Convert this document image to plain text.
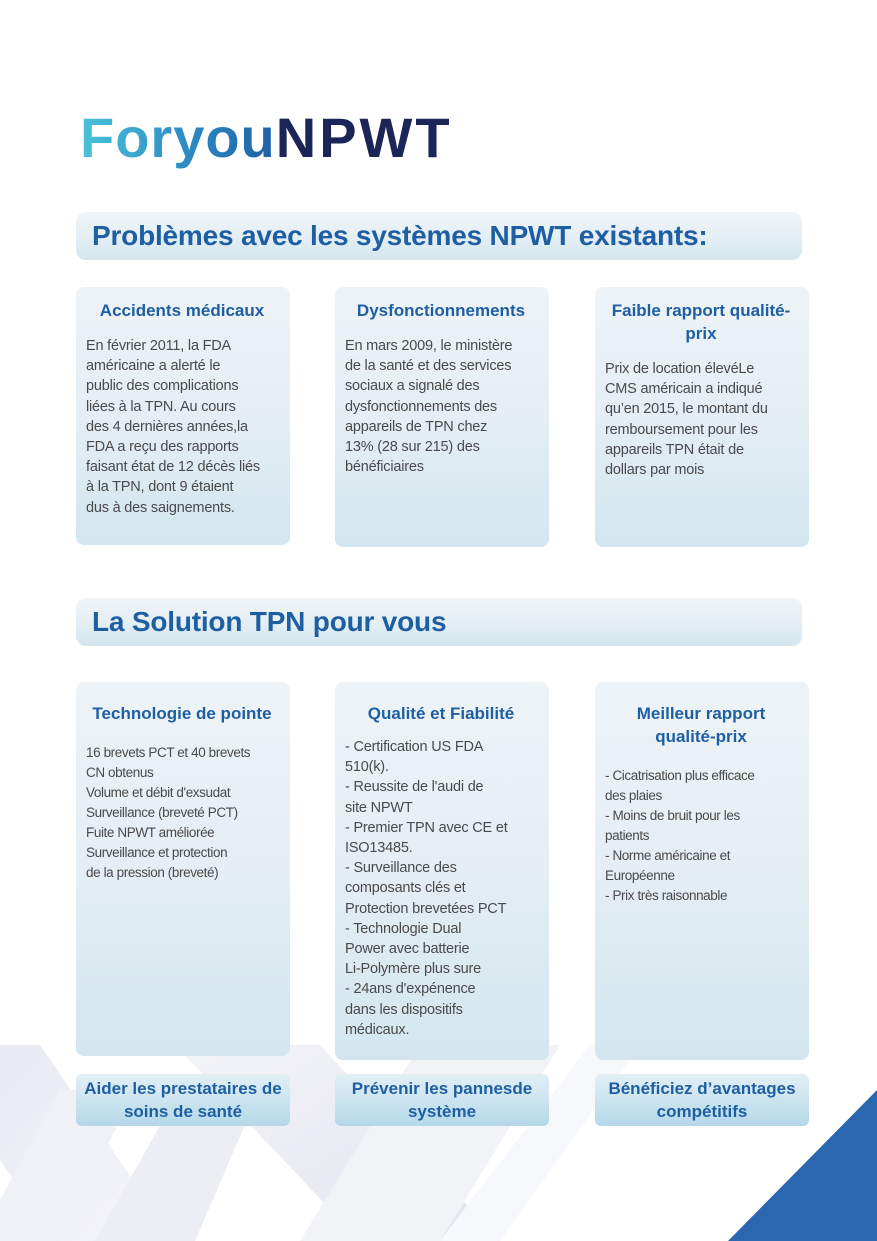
ForyouNPWT
Problèmes avec les systèmes NPWT existants:
Accidents médicaux
En février 2011, la FDA
américaine a alerté le
public des complications
liées à la TPN. Au cours
des 4 dernières années,la
FDA a reçu des rapports
faisant état de 12 décès liés
à la TPN, dont 9 étaient
dus à des saignements.
Dysfonctionnements
En mars 2009, le ministère
de la santé et des services
sociaux a signalé des
dysfonctionnements des
appareils de TPN chez
13% (28 sur 215) des
bénéficiaires
Faible rapport qualité-prix
Prix de location élevéLe
CMS américain a indiqué
qu’en 2015, le montant du
remboursement pour les
appareils TPN était de
dollars par mois
La Solution TPN pour vous
Technologie de pointe
16 brevets PCT et 40 brevets
CN obtenus
Volume et débit d'exsudat
Surveillance (breveté PCT)
Fuite NPWT améliorée
Surveillance et protection
de la pression (breveté)
Qualité et Fiabilité
- Certification US FDA
510(k).
- Reussite de l'audi de
site NPWT
- Premier TPN avec CE et
ISO13485.
- Surveillance des
composants clés et
Protection brevetées PCT
- Technologie Dual
Power avec batterie
Li-Polymère plus sure
- 24ans d'expénence
dans les dispositifs
médicaux.
Meilleur rapport qualité-prix
- Cicatrisation plus efficace
des plaies
- Moins de bruit pour les
patients
- Norme américaine et
Européenne
- Prix très raisonnable
Aider les prestataires de soins de santé
Prévenir les pannesde système
Bénéficiez d’avantages compétitifs
